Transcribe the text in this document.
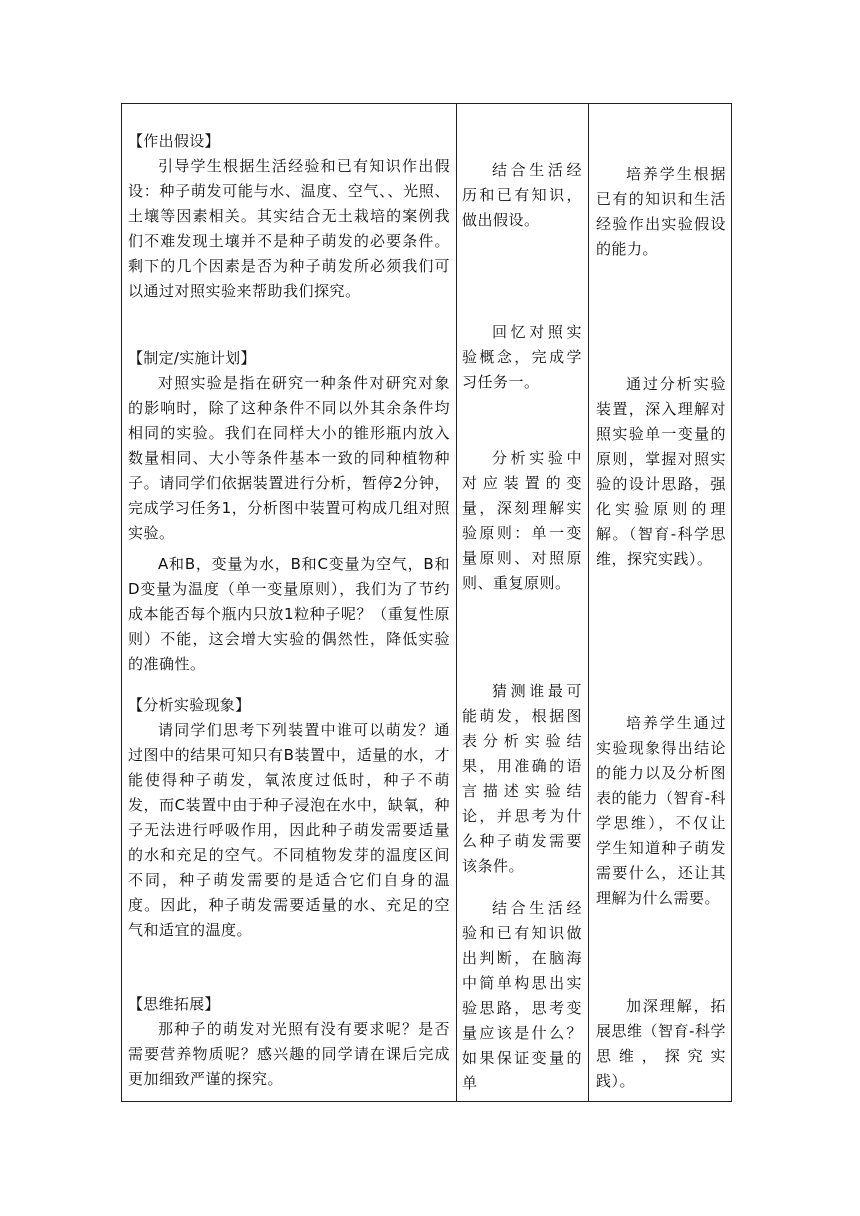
【作出假设】

引导学生根据生活经验和已有知识作出假设：种子萌发可能与水、温度、空气、、光照、土壤等因素相关。其实结合无土栽培的案例我们不难发现土壤并不是种子萌发的必要条件。剩下的几个因素是否为种子萌发所必须我们可以通过对照实验来帮助我们探究。

【制定/实施计划】

对照实验是指在研究一种条件对研究对象的影响时，除了这种条件不同以外其余条件均相同的实验。我们在同样大小的锥形瓶内放入数量相同、大小等条件基本一致的同种植物种子。请同学们依据装置进行分析，暂停2分钟，完成学习任务1，分析图中装置可构成几组对照实验。

A和B，变量为水，B和C变量为空气，B和D变量为温度（单一变量原则），我们为了节约成本能否每个瓶内只放1粒种子呢？（重复性原则）不能，这会增大实验的偶然性，降低实验的准确性。

【分析实验现象】

请同学们思考下列装置中谁可以萌发？通过图中的结果可知只有B装置中，适量的水，才能使得种子萌发，氧浓度过低时，种子不萌发，而C装置中由于种子浸泡在水中，缺氧，种子无法进行呼吸作用，因此种子萌发需要适量的水和充足的空气。不同植物发芽的温度区间不同，种子萌发需要的是适合它们自身的温度。因此，种子萌发需要适量的水、充足的空气和适宜的温度。

【思维拓展】

那种子的萌发对光照有没有要求呢？是否需要营养物质呢？感兴趣的同学请在课后完成更加细致严谨的探究。

结合生活经历和已有知识，做出假设。

回忆对照实验概念，完成学习任务一。

分析实验中对应装置的变量，深刻理解实验原则：单一变量原则、对照原则、重复原则。

猜测谁最可能萌发，根据图表分析实验结果，用准确的语言描述实验结论，并思考为什么种子萌发需要该条件。

结合生活经验和已有知识做出判断，在脑海中简单构思出实验思路，思考变量应该是什么？如果保证变量的单

培养学生根据已有的知识和生活经验作出实验假设的能力。

通过分析实验装置，深入理解对照实验单一变量的原则，掌握对照实验的设计思路，强化实验原则的理解。（智育-科学思维，探究实践）。

培养学生通过实验现象得出结论的能力以及分析图表的能力（智育-科学思维），不仅让学生知道种子萌发需要什么，还让其理解为什么需要。

加深理解，拓展思维（智育-科学思维，探究实践）。
